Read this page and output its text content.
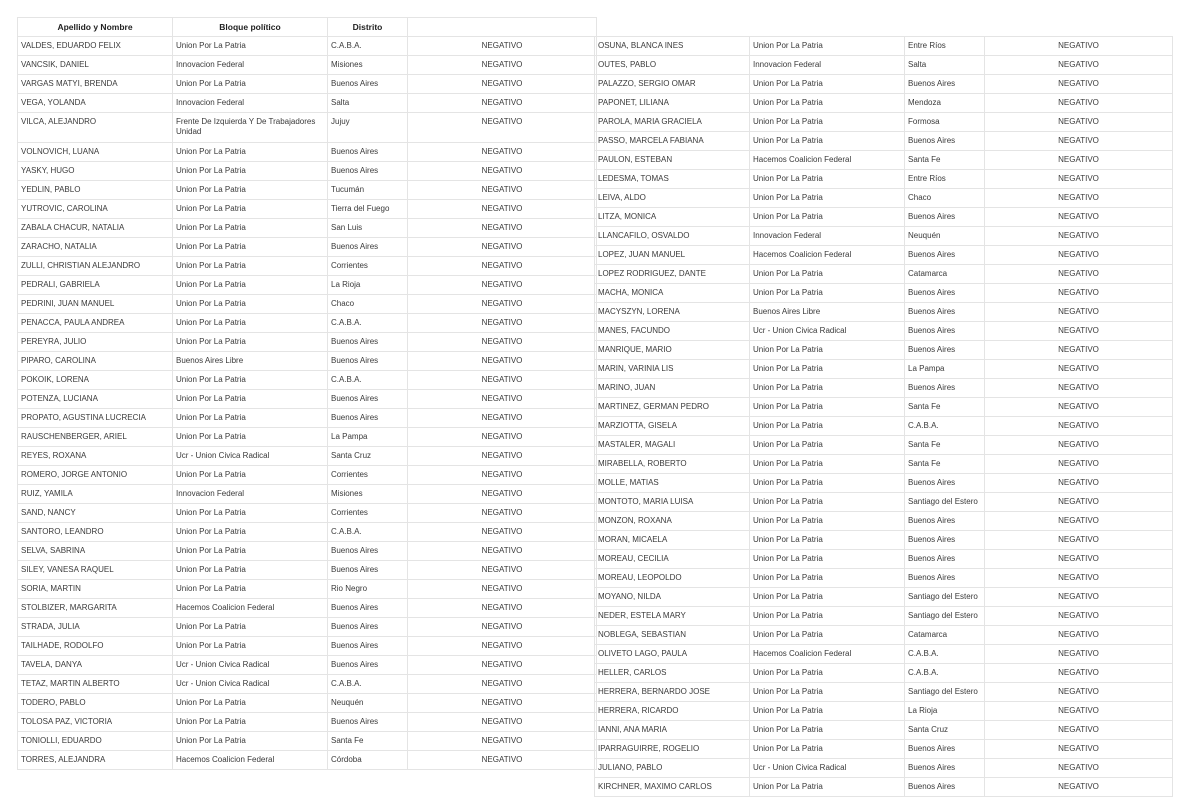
Apellido y Nombre	Bloque político	Distrito	
VALDES, EDUARDO FELIX	Union Por La Patria	C.A.B.A.	NEGATIVO
VANCSIK, DANIEL	Innovacion Federal	Misiones	NEGATIVO
VARGAS MATYI, BRENDA	Union Por La Patria	Buenos Aires	NEGATIVO
VEGA, YOLANDA	Innovacion Federal	Salta	NEGATIVO
VILCA, ALEJANDRO	Frente De Izquierda Y De Trabajadores Unidad	Jujuy	NEGATIVO
VOLNOVICH, LUANA	Union Por La Patria	Buenos Aires	NEGATIVO
YASKY, HUGO	Union Por La Patria	Buenos Aires	NEGATIVO
YEDLIN, PABLO	Union Por La Patria	Tucumán	NEGATIVO
YUTROVIC, CAROLINA	Union Por La Patria	Tierra del Fuego	NEGATIVO
ZABALA CHACUR, NATALIA	Union Por La Patria	San Luis	NEGATIVO
ZARACHO, NATALIA	Union Por La Patria	Buenos Aires	NEGATIVO
ZULLI, CHRISTIAN ALEJANDRO	Union Por La Patria	Corrientes	NEGATIVO
PEDRALI, GABRIELA	Union Por La Patria	La Rioja	NEGATIVO
PEDRINI, JUAN MANUEL	Union Por La Patria	Chaco	NEGATIVO
PENACCA, PAULA ANDREA	Union Por La Patria	C.A.B.A.	NEGATIVO
PEREYRA, JULIO	Union Por La Patria	Buenos Aires	NEGATIVO
PIPARO, CAROLINA	Buenos Aires Libre	Buenos Aires	NEGATIVO
POKOIK, LORENA	Union Por La Patria	C.A.B.A.	NEGATIVO
POTENZA, LUCIANA	Union Por La Patria	Buenos Aires	NEGATIVO
PROPATO, AGUSTINA LUCRECIA	Union Por La Patria	Buenos Aires	NEGATIVO
RAUSCHENBERGER, ARIEL	Union Por La Patria	La Pampa	NEGATIVO
REYES, ROXANA	Ucr - Union Civica Radical	Santa Cruz	NEGATIVO
ROMERO, JORGE ANTONIO	Union Por La Patria	Corrientes	NEGATIVO
RUIZ, YAMILA	Innovacion Federal	Misiones	NEGATIVO
SAND, NANCY	Union Por La Patria	Corrientes	NEGATIVO
SANTORO, LEANDRO	Union Por La Patria	C.A.B.A.	NEGATIVO
SELVA, SABRINA	Union Por La Patria	Buenos Aires	NEGATIVO
SILEY, VANESA RAQUEL	Union Por La Patria	Buenos Aires	NEGATIVO
SORIA, MARTIN	Union Por La Patria	Rio Negro	NEGATIVO
STOLBIZER, MARGARITA	Hacemos Coalicion Federal	Buenos Aires	NEGATIVO
STRADA, JULIA	Union Por La Patria	Buenos Aires	NEGATIVO
TAILHADE, RODOLFO	Union Por La Patria	Buenos Aires	NEGATIVO
TAVELA, DANYA	Ucr - Union Civica Radical	Buenos Aires	NEGATIVO
TETAZ, MARTIN ALBERTO	Ucr - Union Civica Radical	C.A.B.A.	NEGATIVO
TODERO, PABLO	Union Por La Patria	Neuquén	NEGATIVO
TOLOSA PAZ, VICTORIA	Union Por La Patria	Buenos Aires	NEGATIVO
TONIOLLI, EDUARDO	Union Por La Patria	Santa Fe	NEGATIVO
TORRES, ALEJANDRA	Hacemos Coalicion Federal	Córdoba	NEGATIVO
OSUNA, BLANCA INES	Union Por La Patria	Entre Ríos	NEGATIVO
OUTES, PABLO	Innovacion Federal	Salta	NEGATIVO
PALAZZO, SERGIO OMAR	Union Por La Patria	Buenos Aires	NEGATIVO
PAPONET, LILIANA	Union Por La Patria	Mendoza	NEGATIVO
PAROLA, MARIA GRACIELA	Union Por La Patria	Formosa	NEGATIVO
PASSO, MARCELA FABIANA	Union Por La Patria	Buenos Aires	NEGATIVO
PAULON, ESTEBAN	Hacemos Coalicion Federal	Santa Fe	NEGATIVO
LEDESMA, TOMAS	Union Por La Patria	Entre Ríos	NEGATIVO
LEIVA, ALDO	Union Por La Patria	Chaco	NEGATIVO
LITZA, MONICA	Union Por La Patria	Buenos Aires	NEGATIVO
LLANCAFILO, OSVALDO	Innovacion Federal	Neuquén	NEGATIVO
LOPEZ, JUAN MANUEL	Hacemos Coalicion Federal	Buenos Aires	NEGATIVO
LOPEZ RODRIGUEZ, DANTE	Union Por La Patria	Catamarca	NEGATIVO
MACHA, MONICA	Union Por La Patria	Buenos Aires	NEGATIVO
MACYSZYN, LORENA	Buenos Aires Libre	Buenos Aires	NEGATIVO
MANES, FACUNDO	Ucr - Union Civica Radical	Buenos Aires	NEGATIVO
MANRIQUE, MARIO	Union Por La Patria	Buenos Aires	NEGATIVO
MARIN, VARINIA LIS	Union Por La Patria	La Pampa	NEGATIVO
MARINO, JUAN	Union Por La Patria	Buenos Aires	NEGATIVO
MARTINEZ, GERMAN PEDRO	Union Por La Patria	Santa Fe	NEGATIVO
MARZIOTTA, GISELA	Union Por La Patria	C.A.B.A.	NEGATIVO
MASTALER, MAGALI	Union Por La Patria	Santa Fe	NEGATIVO
MIRABELLA, ROBERTO	Union Por La Patria	Santa Fe	NEGATIVO
MOLLE, MATIAS	Union Por La Patria	Buenos Aires	NEGATIVO
MONTOTO, MARIA LUISA	Union Por La Patria	Santiago del Estero	NEGATIVO
MONZON, ROXANA	Union Por La Patria	Buenos Aires	NEGATIVO
MORAN, MICAELA	Union Por La Patria	Buenos Aires	NEGATIVO
MOREAU, CECILIA	Union Por La Patria	Buenos Aires	NEGATIVO
MOREAU, LEOPOLDO	Union Por La Patria	Buenos Aires	NEGATIVO
MOYANO, NILDA	Union Por La Patria	Santiago del Estero	NEGATIVO
NEDER, ESTELA MARY	Union Por La Patria	Santiago del Estero	NEGATIVO
NOBLEGA, SEBASTIAN	Union Por La Patria	Catamarca	NEGATIVO
OLIVETO LAGO, PAULA	Hacemos Coalicion Federal	C.A.B.A.	NEGATIVO
HELLER, CARLOS	Union Por La Patria	C.A.B.A.	NEGATIVO
HERRERA, BERNARDO JOSE	Union Por La Patria	Santiago del Estero	NEGATIVO
HERRERA, RICARDO	Union Por La Patria	La Rioja	NEGATIVO
IANNI, ANA MARIA	Union Por La Patria	Santa Cruz	NEGATIVO
IPARRAGUIRRE, ROGELIO	Union Por La Patria	Buenos Aires	NEGATIVO
JULIANO, PABLO	Ucr - Union Civica Radical	Buenos Aires	NEGATIVO
KIRCHNER, MAXIMO CARLOS	Union Por La Patria	Buenos Aires	NEGATIVO
